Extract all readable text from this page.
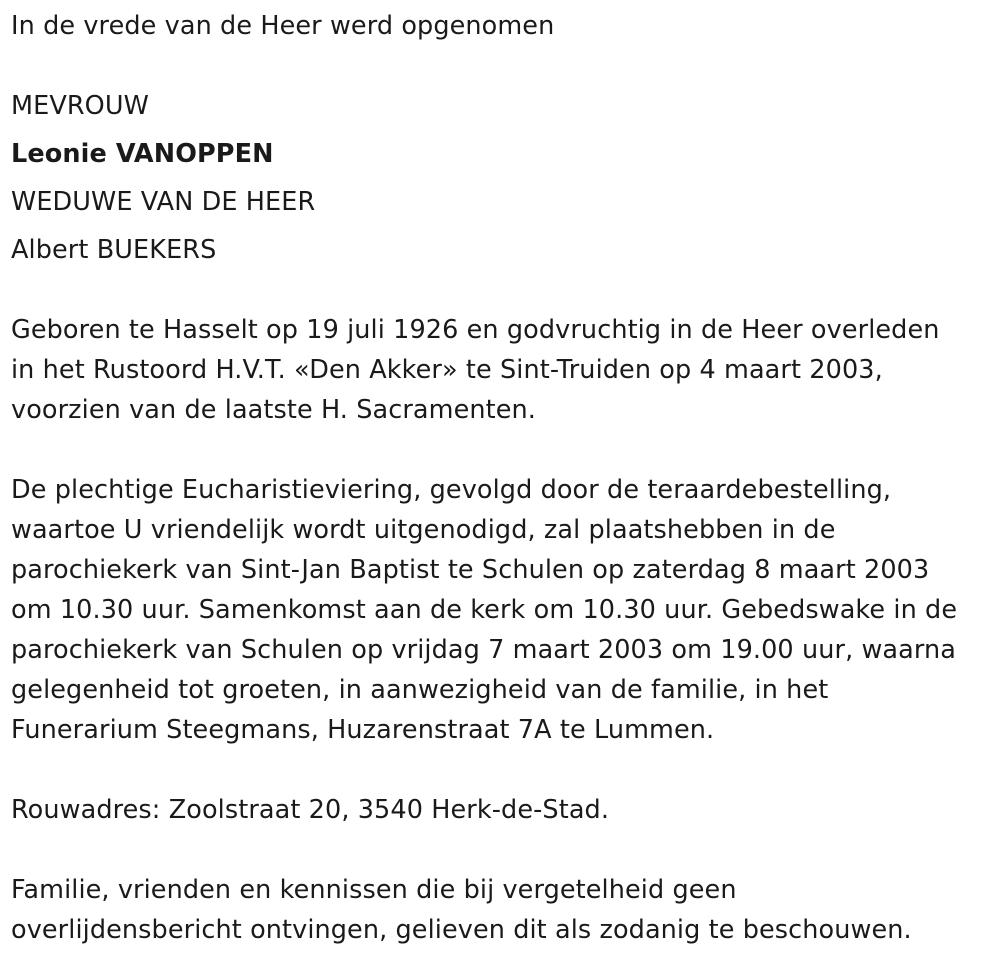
In de vrede van de Heer werd opgenomen
MEVROUW
Leonie VANOPPEN
WEDUWE VAN DE HEER
Albert BUEKERS
Geboren te Hasselt op 19 juli 1926 en godvruchtig in de Heer overleden
in het Rustoord H.V.T. «Den Akker» te Sint-Truiden op 4 maart 2003,
voorzien van de laatste H. Sacramenten.
De plechtige Eucharistieviering, gevolgd door de teraardebestelling,
waartoe U vriendelijk wordt uitgenodigd, zal plaatshebben in de
parochiekerk van Sint-Jan Baptist te Schulen op zaterdag 8 maart 2003
om 10.30 uur. Samenkomst aan de kerk om 10.30 uur. Gebedswake in de
parochiekerk van Schulen op vrijdag 7 maart 2003 om 19.00 uur, waarna
gelegenheid tot groeten, in aanwezigheid van de familie, in het
Funerarium Steegmans, Huzarenstraat 7A te Lummen.
Rouwadres: Zoolstraat 20, 3540 Herk-de-Stad.
Familie, vrienden en kennissen die bij vergetelheid geen
overlijdensbericht ontvingen, gelieven dit als zodanig te beschouwen.
